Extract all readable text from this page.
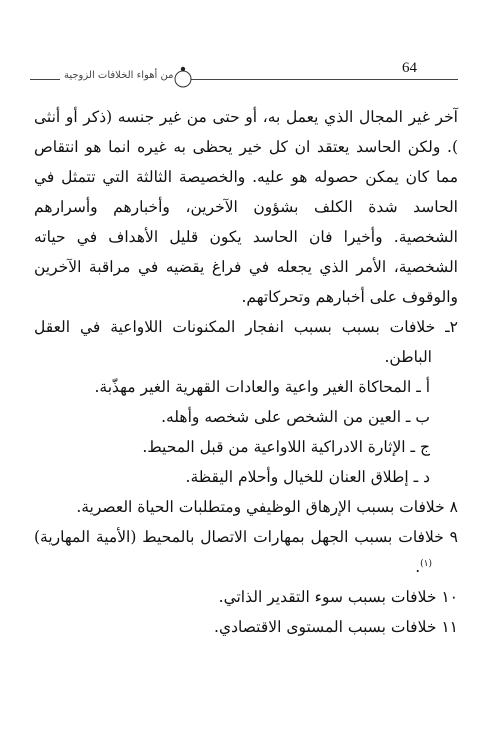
من أهواء الخلافات الزوجية	64

آخر غير المجال الذي يعمل به، أو حتى من غير جنسه (ذكر أو أنثى ). ولكن الحاسد يعتقد ان كل خير يحظى به غيره انما هو انتقاص مما كان يمكن حصوله هو عليه. والخصيصة الثالثة التي تتمثل في الحاسد شدة الكلف بشؤون الآخرين، وأخبارهم وأسرارهم الشخصية. وأخيرا فان الحاسد يكون قليل الأهداف في حياته الشخصية، الأمر الذي يجعله في فراغ يقضيه في مراقبة الآخرين والوقوف على أخبارهم وتحركاتهم.

٢ـ خلافات بسبب بسبب انفجار المكنونات اللاواعية في العقل الباطن.

أ ـ المحاكاة الغير واعية والعادات القهرية الغير مهذّبة.

ب ـ العين من الشخص على شخصه وأهله.

ج ـ الإثارة الادراكية اللاواعية من قبل المحيط.

د ـ إطلاق العنان للخيال وأحلام اليقظة.

٨ خلافات بسبب الإرهاق الوظيفي ومتطلبات الحياة العصرية.

٩ خلافات بسبب الجهل بمهارات الاتصال بالمحيط (الأمية المهارية)$^{(١)}$.

١٠ خلافات بسبب سوء التقدير الذاتي.

١١ خلافات بسبب المستوى الاقتصادي.
